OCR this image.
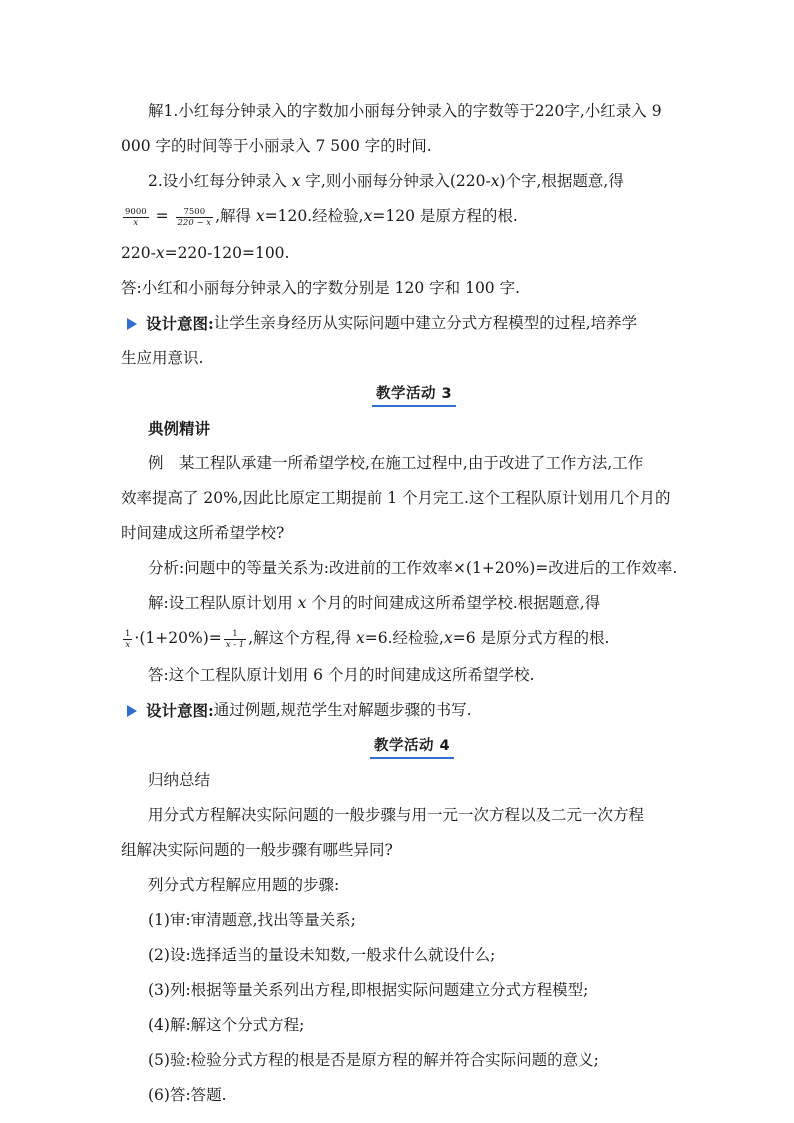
解1.小红每分钟录入的字数加小丽每分钟录入的字数等于220字,小红录入 9
000 字的时间等于小丽录入 7 500 字的时间.
2.设小红每分钟录入 x 字,则小丽每分钟录入(220-x)个字,根据题意,得
$\frac{9000}{x} = \frac{7500}{220 - x}$ ,解得 x=120.经检验,x=120 是原方程的根.
220-x=220-120=100.
答:小红和小丽每分钟录入的字数分别是 120 字和 100 字.
设计意图: 让学生亲身经历从实际问题中建立分式方程模型的过程,培养学
生应用意识.
教学活动 3
典例精讲
例　某工程队承建一所希望学校,在施工过程中,由于改进了工作方法,工作
效率提高了 20%,因此比原定工期提前 1 个月完工.这个工程队原计划用几个月的
时间建成这所希望学校?
分析:问题中的等量关系为:改进前的工作效率×(1+20%)=改进后的工作效率.
解:设工程队原计划用 x 个月的时间建成这所希望学校.根据题意,得
$\frac{1}{x} \cdot(1+20\%)= \frac{1}{x - 1}$ ,解这个方程,得 x=6.经检验,x=6 是原分式方程的根.
答:这个工程队原计划用 6 个月的时间建成这所希望学校.
设计意图: 通过例题,规范学生对解题步骤的书写.
教学活动 4
归纳总结
用分式方程解决实际问题的一般步骤与用一元一次方程以及二元一次方程
组解决实际问题的一般步骤有哪些异同?
列分式方程解应用题的步骤:
(1)审:审清题意,找出等量关系;
(2)设:选择适当的量设未知数,一般求什么就设什么;
(3)列:根据等量关系列出方程,即根据实际问题建立分式方程模型;
(4)解:解这个分式方程;
(5)验:检验分式方程的根是否是原方程的解并符合实际问题的意义;
(6)答:答题.
